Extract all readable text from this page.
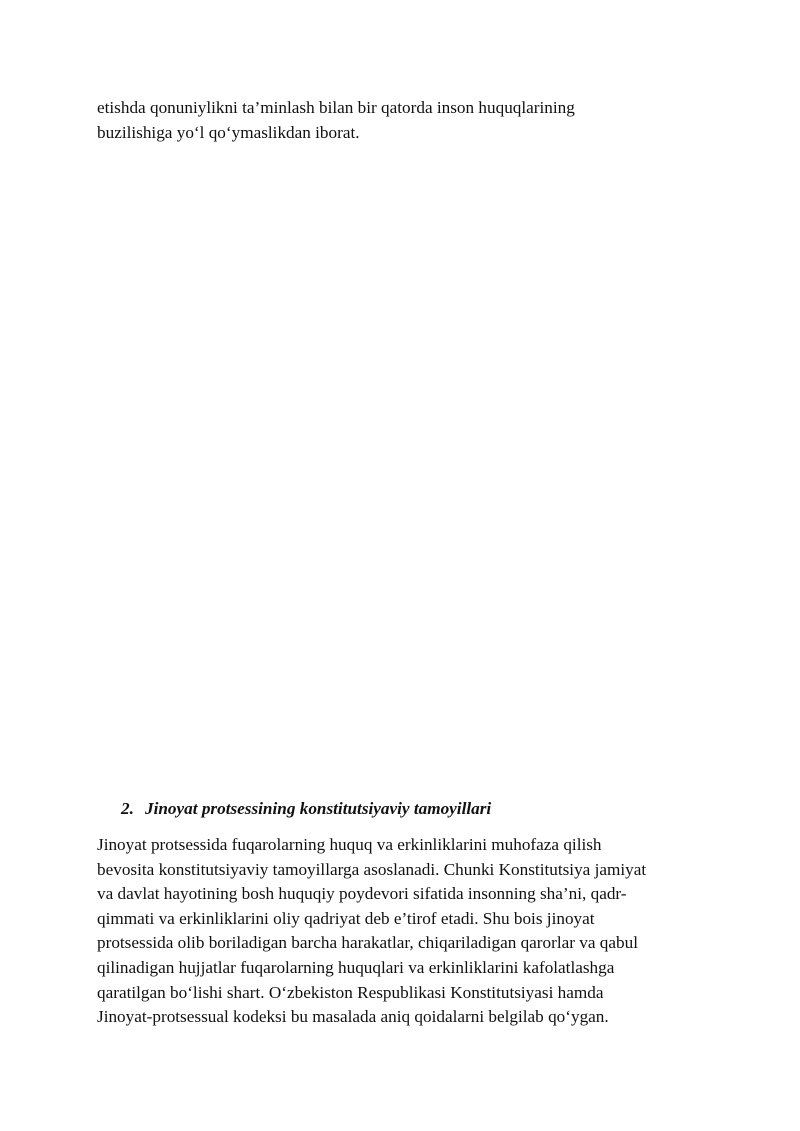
etishda qonuniylikni ta’minlash bilan bir qatorda inson huquqlarining
buzilishiga yo‘l qo‘ymaslikdan iborat.

2. Jinoyat protsessining konstitutsiyaviy tamoyillari

Jinoyat protsessida fuqarolarning huquq va erkinliklarini muhofaza qilish
bevosita konstitutsiyaviy tamoyillarga asoslanadi. Chunki Konstitutsiya jamiyat
va davlat hayotining bosh huquqiy poydevori sifatida insonning sha’ni, qadr-
qimmati va erkinliklarini oliy qadriyat deb e’tirof etadi. Shu bois jinoyat
protsessida olib boriladigan barcha harakatlar, chiqariladigan qarorlar va qabul
qilinadigan hujjatlar fuqarolarning huquqlari va erkinliklarini kafolatlashga
qaratilgan bo‘lishi shart. O‘zbekiston Respublikasi Konstitutsiyasi hamda
Jinoyat-protsessual kodeksi bu masalada aniq qoidalarni belgilab qo‘ygan.
